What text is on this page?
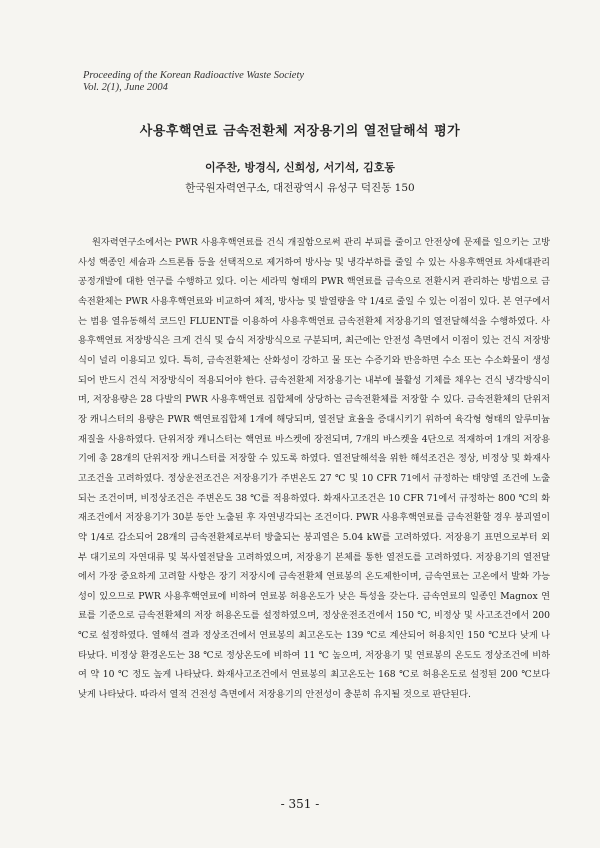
Proceeding of the Korean Radioactive Waste Society
Vol. 2(1), June 2004
사용후핵연료 금속전환체 저장용기의 열전달해석 평가
이주찬, 방경식, 신희성, 서기석, 김호동
한국원자력연구소, 대전광역시 유성구 덕진동 150

원자력연구소에서는 PWR 사용후핵연료를 건식 개질함으로써 관리 부피를 줄이고 안전상에 문제를 일으키는 고방사성 핵종인 세슘과 스트론튬 등을 선택적으로 제거하여 방사능 및 냉각부하를 줄일 수 있는 사용후핵연료 차세대관리 공정개발에 대한 연구를 수행하고 있다. 이는 세라믹 형태의 PWR 핵연료를 금속으로 전환시켜 관리하는 방법으로 금속전환체는 PWR 사용후핵연료와 비교하여 체적, 방사능 및 발열량을 약 1/4로 줄일 수 있는 이점이 있다. 본 연구에서는 범용 열유동해석 코드인 FLUENT를 이용하여 사용후핵연료 금속전환체 저장용기의 열전달해석을 수행하였다. 사용후핵연료 저장방식은 크게 건식 및 습식 저장방식으로 구분되며, 최근에는 안전성 측면에서 이점이 있는 건식 저장방식이 널리 이용되고 있다. 특히, 금속전환체는 산화성이 강하고 물 또는 수증기와 반응하면 수소 또는 수소화물이 생성되어 반드시 건식 저장방식이 적용되어야 한다. 금속전환체 저장용기는 내부에 불활성 기체를 채우는 건식 냉각방식이며, 저장용량은 28 다발의 PWR 사용후핵연료 집합체에 상당하는 금속전환체를 저장할 수 있다. 금속전환체의 단위저장 캐니스터의 용량은 PWR 핵연료집합체 1개에 해당되며, 열전달 효율을 증대시키기 위하여 육각형 형태의 알루미늄 재질을 사용하였다. 단위저장 캐니스터는 핵연료 바스켓에 장전되며, 7개의 바스켓을 4단으로 적재하여 1개의 저장용기에 총 28개의 단위저장 캐니스터를 저장할 수 있도록 하였다. 열전달해석을 위한 해석조건은 정상, 비정상 및 화재사고조건을 고려하였다. 정상운전조건은 저장용기가 주변온도 27 ℃ 및 10 CFR 71에서 규정하는 태양열 조건에 노출되는 조건이며, 비정상조건은 주변온도 38 ℃를 적용하였다. 화재사고조건은 10 CFR 71에서 규정하는 800 ℃의 화재조건에서 저장용기가 30분 동안 노출된 후 자연냉각되는 조건이다. PWR 사용후핵연료를 금속전환할 경우 붕괴열이 약 1/4로 감소되어 28개의 금속전환체로부터 방출되는 붕괴열은 5.04 kW를 고려하였다. 저장용기 표면으로부터 외부 대기로의 자연대류 및 복사열전달을 고려하였으며, 저장용기 본체를 통한 열전도를 고려하였다. 저장용기의 열전달에서 가장 중요하게 고려할 사항은 장기 저장시에 금속전환체 연료봉의 온도제한이며, 금속연료는 고온에서 발화 가능성이 있으므로 PWR 사용후핵연료에 비하여 연료봉 허용온도가 낮은 특성을 갖는다. 금속연료의 일종인 Magnox 연료를 기준으로 금속전환체의 저장 허용온도를 설정하였으며, 정상운전조건에서 150 ℃, 비정상 및 사고조건에서 200 ℃로 설정하였다. 열해석 결과 정상조건에서 연료봉의 최고온도는 139 ℃로 계산되어 허용치인 150 ℃보다 낮게 나타났다. 비정상 환경온도는 38 ℃로 정상온도에 비하여 11 ℃ 높으며, 저장용기 및 연료봉의 온도도 정상조건에 비하여 약 10 ℃ 정도 높게 나타났다. 화재사고조건에서 연료봉의 최고온도는 168 ℃로 허용온도로 설정된 200 ℃보다 낮게 나타났다. 따라서 열적 건전성 측면에서 저장용기의 안전성이 충분히 유지될 것으로 판단된다.

- 351 -
